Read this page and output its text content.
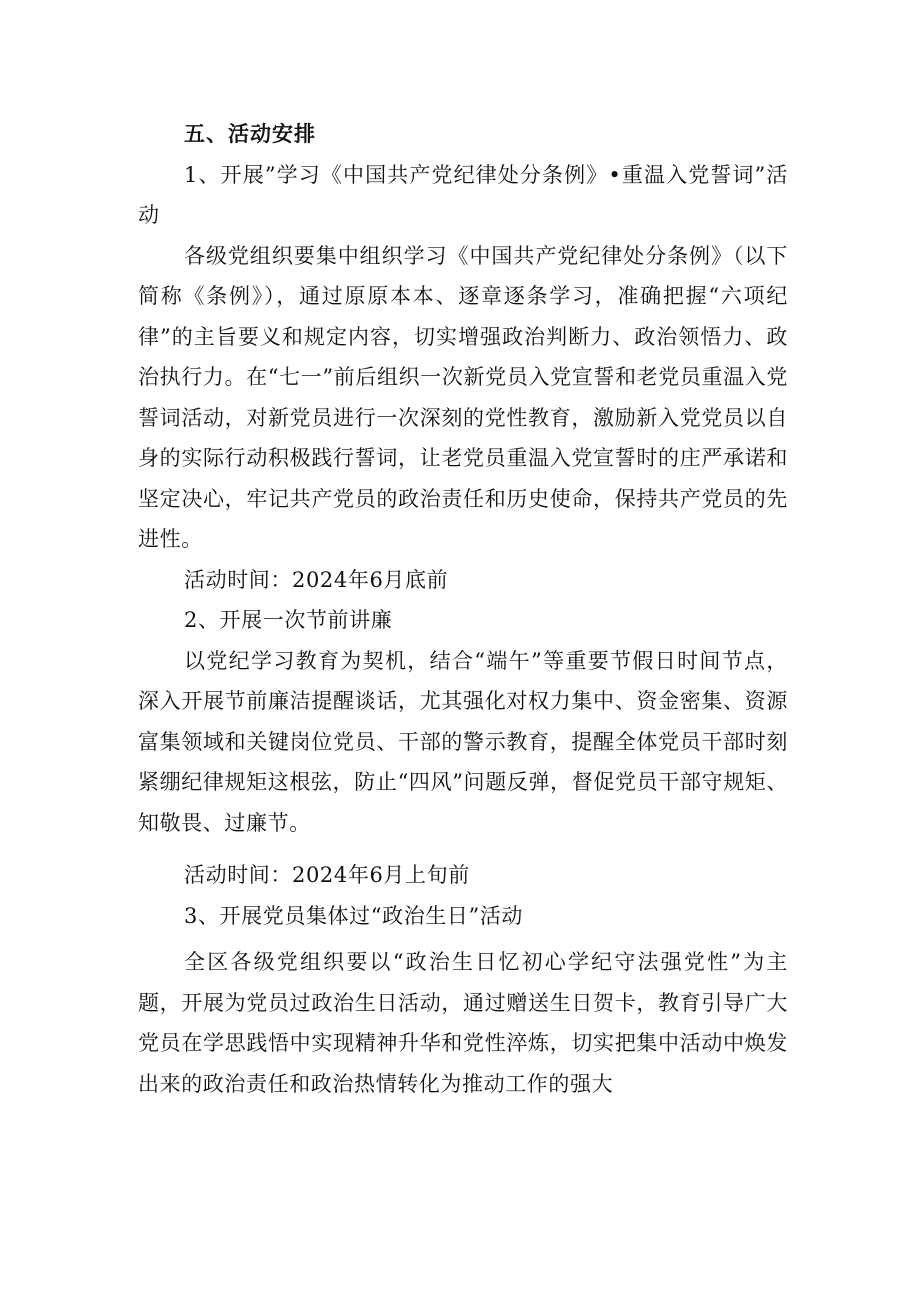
五、活动安排

1、开展”学习《中国共产党纪律处分条例》•重温入党誓词”活动

各级党组织要集中组织学习《中国共产党纪律处分条例》（以下简称《条例》），通过原原本本、逐章逐条学习，准确把握“六项纪律”的主旨要义和规定内容，切实增强政治判断力、政治领悟力、政治执行力。在“七一”前后组织一次新党员入党宣誓和老党员重温入党誓词活动，对新党员进行一次深刻的党性教育，激励新入党党员以自身的实际行动积极践行誓词，让老党员重温入党宣誓时的庄严承诺和坚定决心，牢记共产党员的政治责任和历史使命，保持共产党员的先进性。

活动时间：2024年6月底前

2、开展一次节前讲廉

以党纪学习教育为契机，结合“端午”等重要节假日时间节点，深入开展节前廉洁提醒谈话，尤其强化对权力集中、资金密集、资源富集领域和关键岗位党员、干部的警示教育，提醒全体党员干部时刻紧绷纪律规矩这根弦，防止“四风”问题反弹，督促党员干部守规矩、知敬畏、过廉节。

活动时间：2024年6月上旬前

3、开展党员集体过“政治生日”活动

全区各级党组织要以“政治生日忆初心学纪守法强党性”为主题，开展为党员过政治生日活动，通过赠送生日贺卡，教育引导广大党员在学思践悟中实现精神升华和党性淬炼，切实把集中活动中焕发出来的政治责任和政治热情转化为推动工作的强大
